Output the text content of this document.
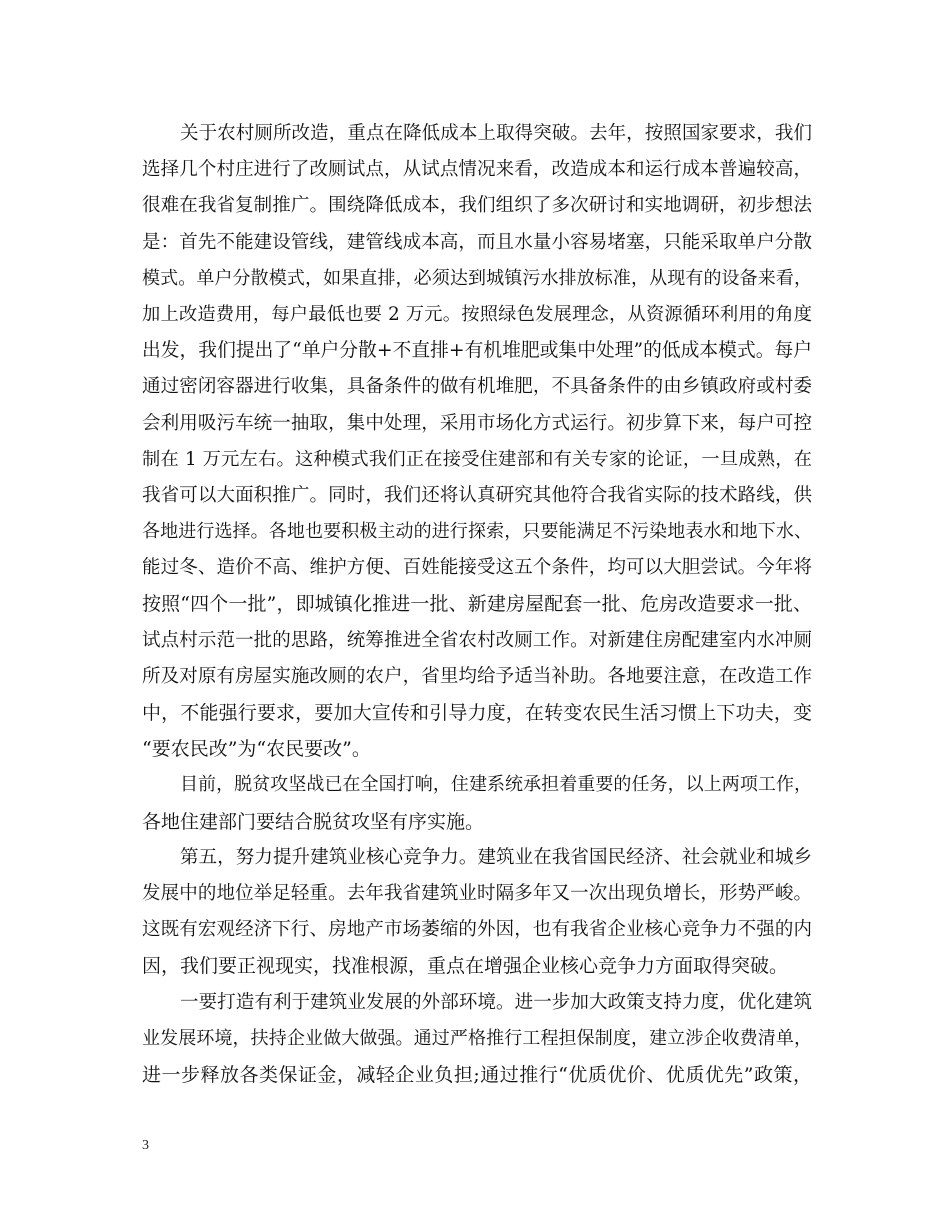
关于农村厕所改造，重点在降低成本上取得突破。去年，按照国家要求，我们
选择几个村庄进行了改厕试点，从试点情况来看，改造成本和运行成本普遍较高，
很难在我省复制推广。围绕降低成本，我们组织了多次研讨和实地调研，初步想法
是：首先不能建设管线，建管线成本高，而且水量小容易堵塞，只能采取单户分散
模式。单户分散模式，如果直排，必须达到城镇污水排放标准，从现有的设备来看，
加上改造费用，每户最低也要 2 万元。按照绿色发展理念，从资源循环利用的角度
出发，我们提出了“单户分散+不直排+有机堆肥或集中处理”的低成本模式。每户
通过密闭容器进行收集，具备条件的做有机堆肥，不具备条件的由乡镇政府或村委
会利用吸污车统一抽取，集中处理，采用市场化方式运行。初步算下来，每户可控
制在 1 万元左右。这种模式我们正在接受住建部和有关专家的论证，一旦成熟，在
我省可以大面积推广。同时，我们还将认真研究其他符合我省实际的技术路线，供
各地进行选择。各地也要积极主动的进行探索，只要能满足不污染地表水和地下水、
能过冬、造价不高、维护方便、百姓能接受这五个条件，均可以大胆尝试。今年将
按照“四个一批”，即城镇化推进一批、新建房屋配套一批、危房改造要求一批、
试点村示范一批的思路，统筹推进全省农村改厕工作。对新建住房配建室内水冲厕
所及对原有房屋实施改厕的农户，省里均给予适当补助。各地要注意，在改造工作
中，不能强行要求，要加大宣传和引导力度，在转变农民生活习惯上下功夫，变
“要农民改”为“农民要改”。
目前，脱贫攻坚战已在全国打响，住建系统承担着重要的任务，以上两项工作，
各地住建部门要结合脱贫攻坚有序实施。
第五，努力提升建筑业核心竞争力。建筑业在我省国民经济、社会就业和城乡
发展中的地位举足轻重。去年我省建筑业时隔多年又一次出现负增长，形势严峻。
这既有宏观经济下行、房地产市场萎缩的外因，也有我省企业核心竞争力不强的内
因，我们要正视现实，找准根源，重点在增强企业核心竞争力方面取得突破。
一要打造有利于建筑业发展的外部环境。进一步加大政策支持力度，优化建筑
业发展环境，扶持企业做大做强。通过严格推行工程担保制度，建立涉企收费清单，
进一步释放各类保证金，减轻企业负担;通过推行“优质优价、优质优先”政策，
3
